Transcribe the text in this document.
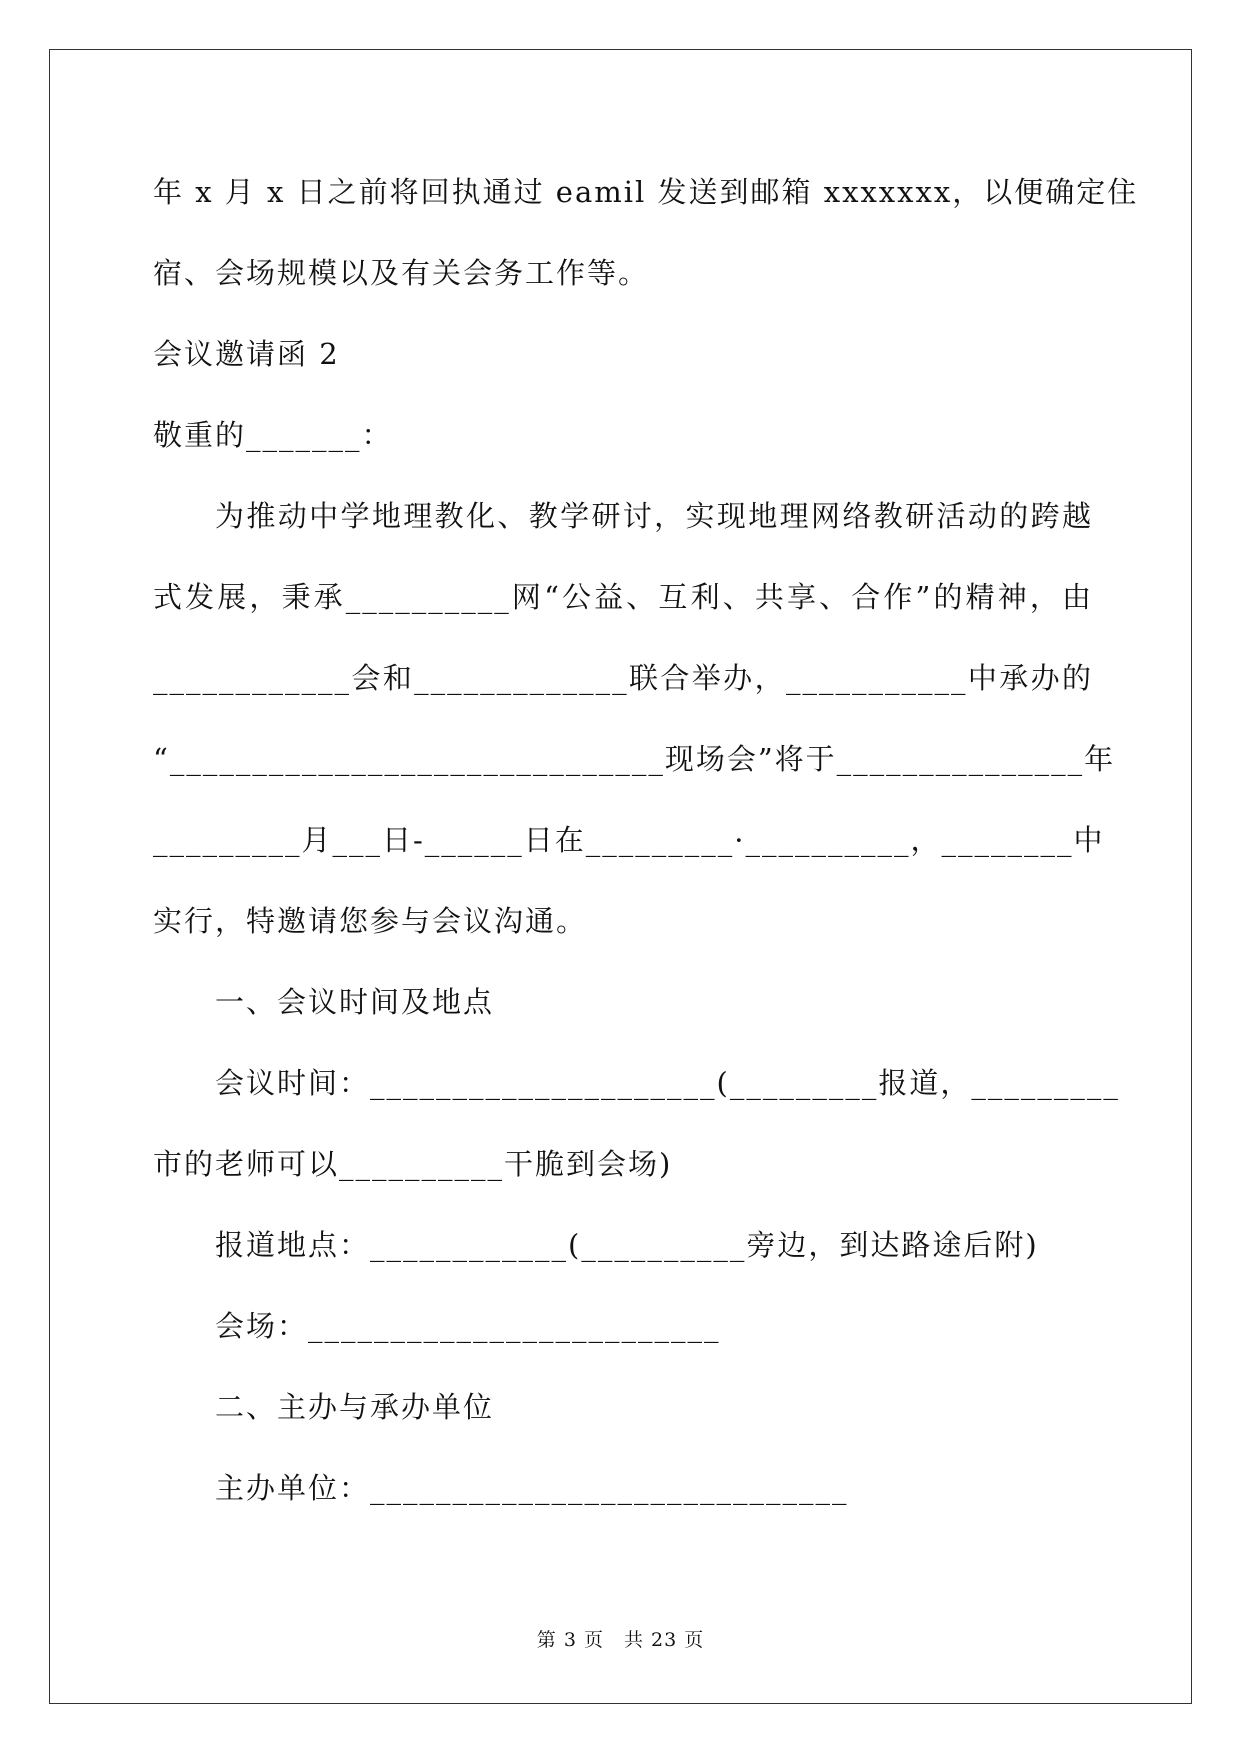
年 x 月 x 日之前将回执通过 eamil 发送到邮箱 xxxxxxx，以便确定住
宿、会场规模以及有关会务工作等。
会议邀请函 2
敬重的_______：
为推动中学地理教化、教学研讨，实现地理网络教研活动的跨越
式发展，秉承__________网“公益、互利、共享、合作”的精神，由
____________会和_____________联合举办，___________中承办的
“______________________________现场会”将于_______________年
_________月___日-______日在_________·__________，________中
实行，特邀请您参与会议沟通。
一、会议时间及地点
会议时间：_____________________(_________报道，_________
市的老师可以__________干脆到会场)
报道地点：____________(__________旁边，到达路途后附)
会场：_________________________
二、主办与承办单位
主办单位：_____________________________
第 3 页　共 23 页
